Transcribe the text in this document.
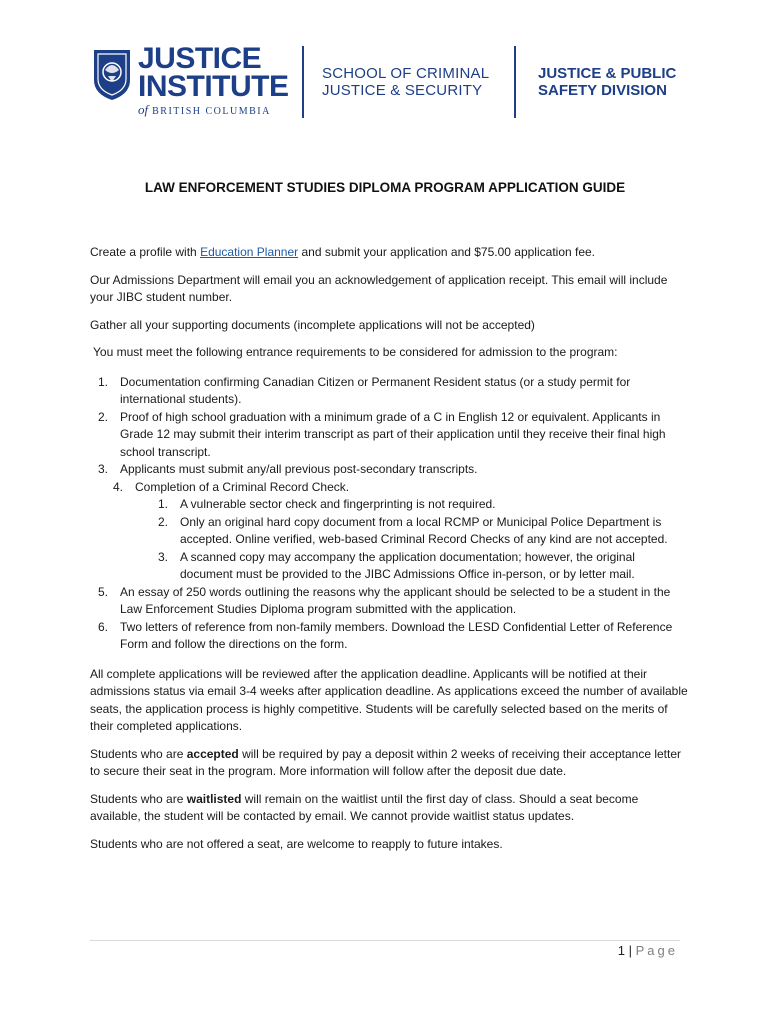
JUSTICE
INSTITUTE
of BRITISH COLUMBIA
SCHOOL OF CRIMINAL
JUSTICE & SECURITY
JUSTICE & PUBLIC
SAFETY DIVISION
LAW ENFORCEMENT STUDIES DIPLOMA PROGRAM APPLICATION GUIDE

Create a profile with Education Planner and submit your application and $75.00 application fee.

Our Admissions Department will email you an acknowledgement of application receipt. This email will include your JIBC student number.

Gather all your supporting documents (incomplete applications will not be accepted)

You must meet the following entrance requirements to be considered for admission to the program:

1. Documentation confirming Canadian Citizen or Permanent Resident status (or a study permit for international students).
2. Proof of high school graduation with a minimum grade of a C in English 12 or equivalent. Applicants in Grade 12 may submit their interim transcript as part of their application until they receive their final high school transcript.
3. Applicants must submit any/all previous post-secondary transcripts.
4. Completion of a Criminal Record Check.
1. A vulnerable sector check and fingerprinting is not required.
2. Only an original hard copy document from a local RCMP or Municipal Police Department is accepted. Online verified, web-based Criminal Record Checks of any kind are not accepted.
3. A scanned copy may accompany the application documentation; however, the original document must be provided to the JIBC Admissions Office in-person, or by letter mail.
5. An essay of 250 words outlining the reasons why the applicant should be selected to be a student in the Law Enforcement Studies Diploma program submitted with the application.
6. Two letters of reference from non-family members. Download the LESD Confidential Letter of Reference Form and follow the directions on the form.

All complete applications will be reviewed after the application deadline. Applicants will be notified at their admissions status via email 3-4 weeks after application deadline. As applications exceed the number of available seats, the application process is highly competitive. Students will be carefully selected based on the merits of their completed applications.

Students who are accepted will be required by pay a deposit within 2 weeks of receiving their acceptance letter to secure their seat in the program. More information will follow after the deposit due date.

Students who are waitlisted will remain on the waitlist until the first day of class. Should a seat become available, the student will be contacted by email. We cannot provide waitlist status updates.

Students who are not offered a seat, are welcome to reapply to future intakes.

1 | Page
